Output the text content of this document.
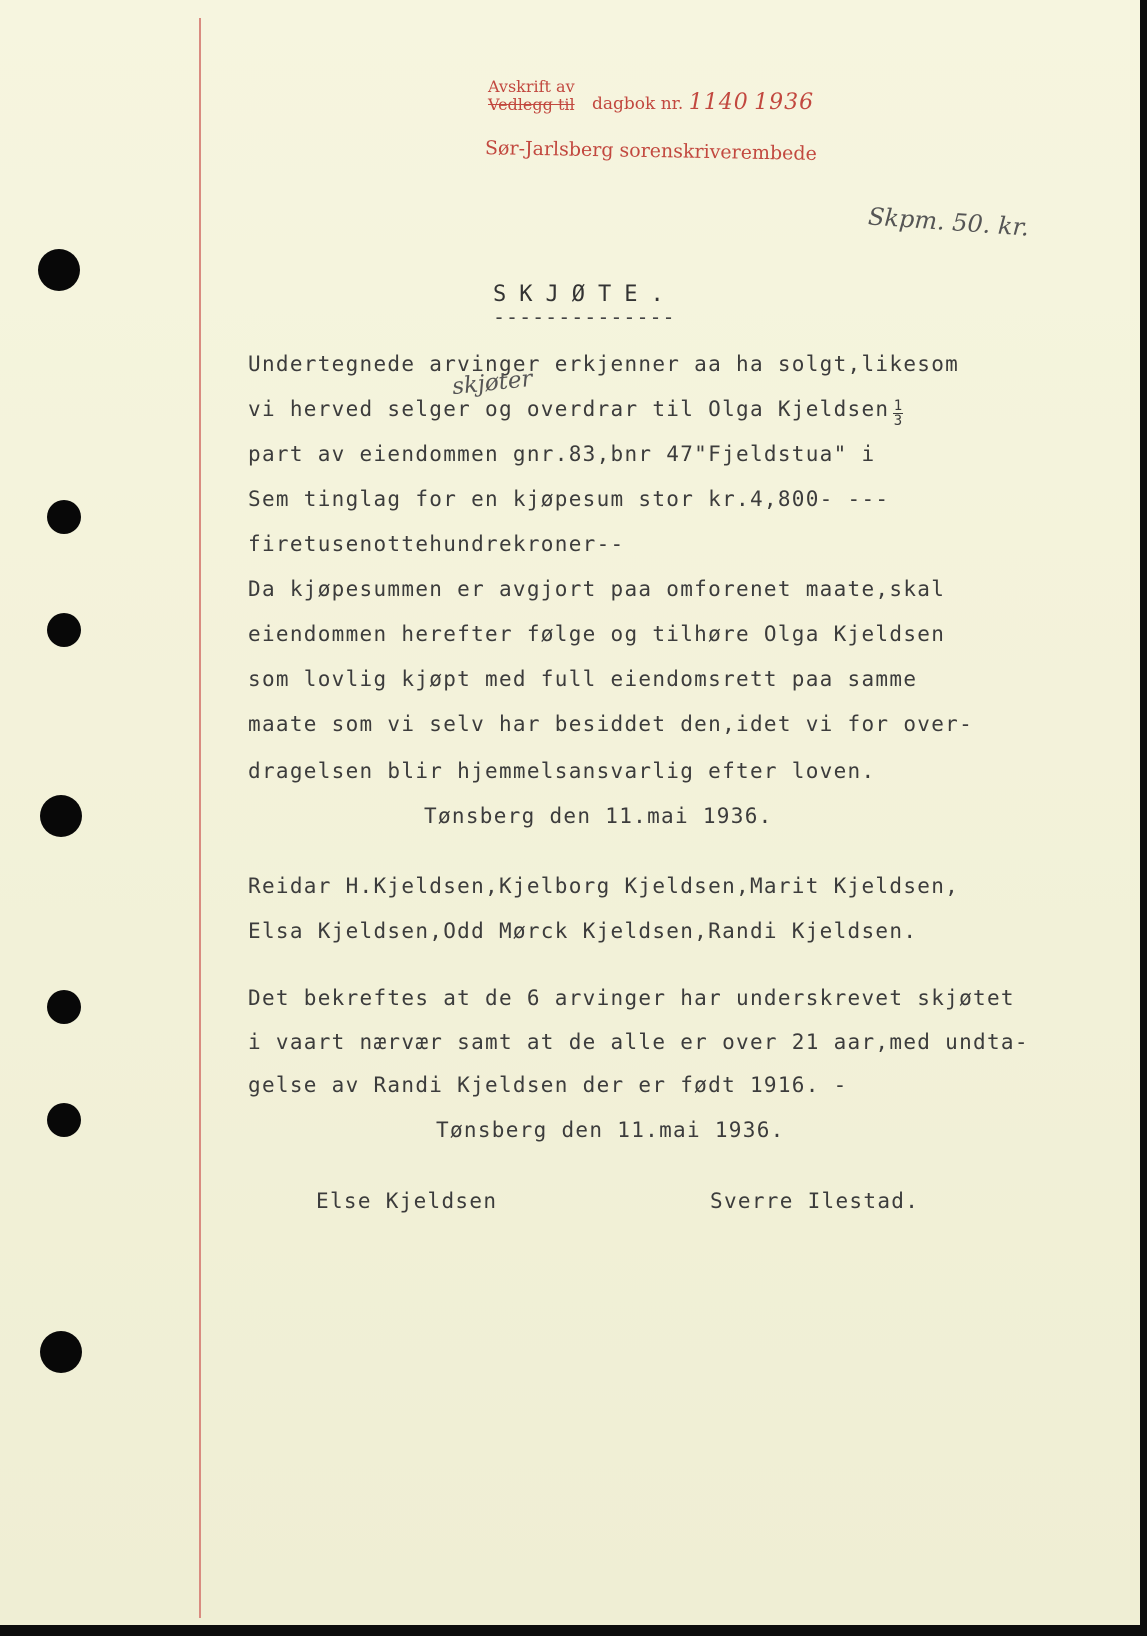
Avskrift av
Vedlegg til dagbok nr. 1140 1936
Sør-Jarlsberg sorenskriverembede
Skpm. 50. kr.
SKJØTE.
--------------
Undertegnede arvinger erkjenner aa ha solgt,likesom
skjøter
vi herved selger og overdrar til Olga Kjeldsen 1
3
part av eiendommen gnr.83,bnr 47"Fjeldstua" i
Sem tinglag for en kjøpesum stor kr.4,800- ---
firetusenottehundrekroner--
Da kjøpesummen er avgjort paa omforenet maate,skal
eiendommen herefter følge og tilhøre Olga Kjeldsen
som lovlig kjøpt med full eiendomsrett paa samme
maate som vi selv har besiddet den,idet vi for over-
dragelsen blir hjemmelsansvarlig efter loven.
Tønsberg den 11.mai 1936.
Reidar H.Kjeldsen,Kjelborg Kjeldsen,Marit Kjeldsen,
Elsa Kjeldsen,Odd Mørck Kjeldsen,Randi Kjeldsen.
Det bekreftes at de 6 arvinger har underskrevet skjøtet
i vaart nærvær samt at de alle er over 21 aar,med undta-
gelse av Randi Kjeldsen der er født 1916. -
Tønsberg den 11.mai 1936.
Else Kjeldsen	Sverre Ilestad.
